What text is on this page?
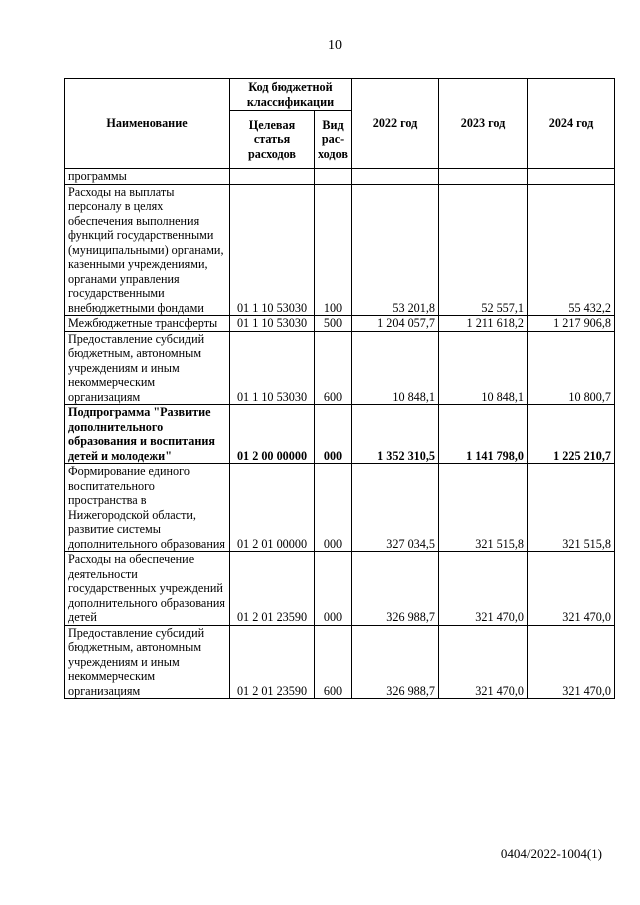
10
Наименование	Код бюджетной классификации		2022 год	2023 год	2024 год
	Целевая статья расходов	Вид рас-ходов			
программы					
Расходы на выплаты персоналу в целях обеспечения выполнения функций государственными (муниципальными) органами, казенными учреждениями, органами управления государственными внебюджетными фондами	01 1 10 53030	100	53 201,8	52 557,1	55 432,2
Межбюджетные трансферты	01 1 10 53030	500	1 204 057,7	1 211 618,2	1 217 906,8
Предоставление субсидий бюджетным, автономным учреждениям и иным некоммерческим организациям	01 1 10 53030	600	10 848,1	10 848,1	10 800,7
Подпрограмма "Развитие дополнительного образования и воспитания детей и молодежи"	01 2 00 00000	000	1 352 310,5	1 141 798,0	1 225 210,7
Формирование единого воспитательного пространства в Нижегородской области, развитие системы дополнительного образования	01 2 01 00000	000	327 034,5	321 515,8	321 515,8
Расходы на обеспечение деятельности государственных учреждений дополнительного образования детей	01 2 01 23590	000	326 988,7	321 470,0	321 470,0
Предоставление субсидий бюджетным, автономным учреждениям и иным некоммерческим организациям	01 2 01 23590	600	326 988,7	321 470,0	321 470,0
0404/2022-1004(1)
